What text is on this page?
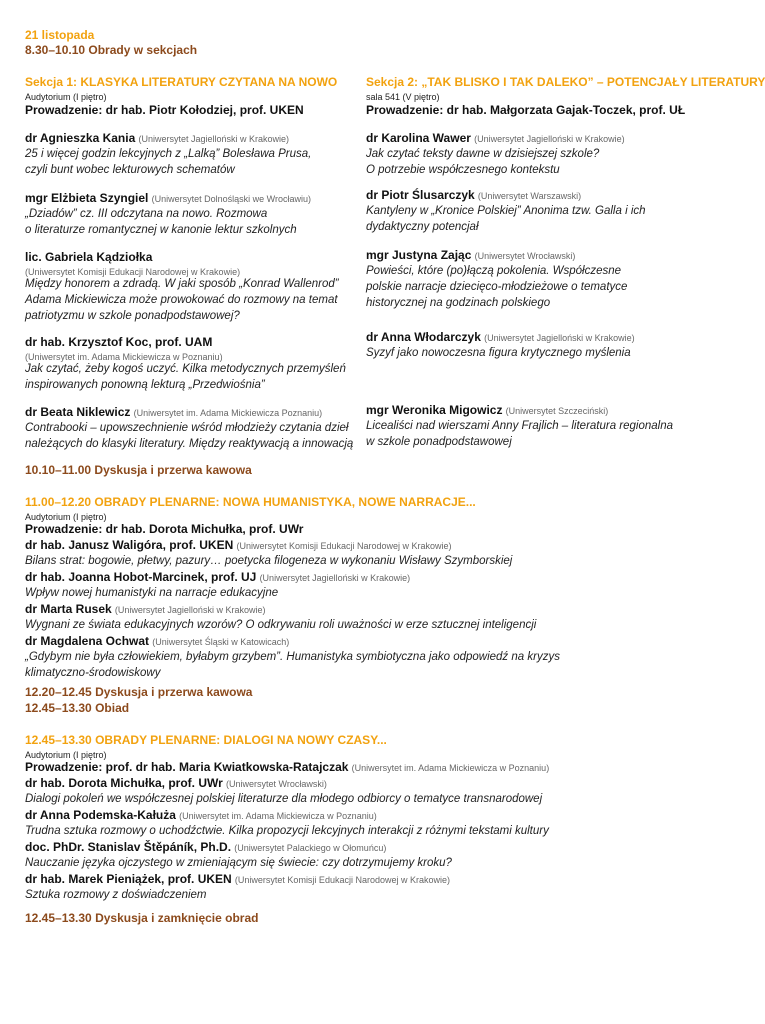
21 listopada
8.30–10.10 Obrady w sekcjach
Sekcja 1: KLASYKA LITERATURY CZYTANA NA NOWO
Audytorium (I piętro)
Prowadzenie: dr hab. Piotr Kołodziej, prof. UKEN
dr Agnieszka Kania (Uniwersytet Jagielloński w Krakowie)
25 i więcej godzin lekcyjnych z „Lalką” Bolesława Prusa,
czyli bunt wobec lekturowych schematów
mgr Elżbieta Szyngiel (Uniwersytet Dolnośląski we Wrocławiu)
„Dziadów” cz. III odczytana na nowo. Rozmowa
o literaturze romantycznej w kanonie lektur szkolnych
lic. Gabriela Kądziołka
(Uniwersytet Komisji Edukacji Narodowej w Krakowie)
Między honorem a zdradą. W jaki sposób „Konrad Wallenrod”
Adama Mickiewicza może prowokować do rozmowy na temat
patriotyzmu w szkole ponadpodstawowej?
dr hab. Krzysztof Koc, prof. UAM
(Uniwersytet im. Adama Mickiewicza w Poznaniu)
Jak czytać, żeby kogoś uczyć. Kilka metodycznych przemyśleń
inspirowanych ponowną lekturą „Przedwiośnia”
dr Beata Niklewicz (Uniwersytet im. Adama Mickiewicza Poznaniu)
Contrabooki – upowszechnienie wśród młodzieży czytania dzieł
należących do klasyki literatury. Między reaktywacją a innowacją
Sekcja 2: „TAK BLISKO I TAK DALEKO” – POTENCJAŁY LITERATURY
sala 541 (V piętro)
Prowadzenie: dr hab. Małgorzata Gajak-Toczek, prof. UŁ
dr Karolina Wawer (Uniwersytet Jagielloński w Krakowie)
Jak czytać teksty dawne w dzisiejszej szkole?
O potrzebie współczesnego kontekstu
dr Piotr Ślusarczyk (Uniwersytet Warszawski)
Kantyleny w „Kronice Polskiej” Anonima tzw. Galla i ich
dydaktyczny potencjał
mgr Justyna Zając (Uniwersytet Wrocławski)
Powieści, które (po)łączą pokolenia. Współczesne
polskie narracje dziecięco-młodzieżowe o tematyce
historycznej na godzinach polskiego
dr Anna Włodarczyk (Uniwersytet Jagielloński w Krakowie)
Syzyf jako nowoczesna figura krytycznego myślenia
mgr Weronika Migowicz (Uniwersytet Szczeciński)
Licealiści nad wierszami Anny Frajlich – literatura regionalna
w szkole ponadpodstawowej
10.10–11.00 Dyskusja i przerwa kawowa
11.00–12.20 OBRADY PLENARNE: NOWA HUMANISTYKA, NOWE NARRACJE...
Audytorium (I piętro)
Prowadzenie: dr hab. Dorota Michułka, prof. UWr
dr hab. Janusz Waligóra, prof. UKEN (Uniwersytet Komisji Edukacji Narodowej w Krakowie)
Bilans strat: bogowie, płetwy, pazury… poetycka filogeneza w wykonaniu Wisławy Szymborskiej
dr hab. Joanna Hobot-Marcinek, prof. UJ (Uniwersytet Jagielloński w Krakowie)
Wpływ nowej humanistyki na narracje edukacyjne
dr Marta Rusek (Uniwersytet Jagielloński w Krakowie)
Wygnani ze świata edukacyjnych wzorów? O odkrywaniu roli uważności w erze sztucznej inteligencji
dr Magdalena Ochwat (Uniwersytet Śląski w Katowicach)
„Gdybym nie była człowiekiem, byłabym grzybem”. Humanistyka symbiotyczna jako odpowiedź na kryzys
klimatyczno-środowiskowy
12.20–12.45 Dyskusja i przerwa kawowa
12.45–13.30 Obiad
12.45–13.30 OBRADY PLENARNE: DIALOGI NA NOWY CZASY...
Audytorium (I piętro)
Prowadzenie: prof. dr hab. Maria Kwiatkowska-Ratajczak (Uniwersytet im. Adama Mickiewicza w Poznaniu)
dr hab. Dorota Michułka, prof. UWr (Uniwersytet Wrocławski)
Dialogi pokoleń we współczesnej polskiej literaturze dla młodego odbiorcy o tematyce transnarodowej
dr Anna Podemska-Kałuża (Uniwersytet im. Adama Mickiewicza w Poznaniu)
Trudna sztuka rozmowy o uchodźctwie. Kilka propozycji lekcyjnych interakcji z różnymi tekstami kultury
doc. PhDr. Stanislav Štěpáník, Ph.D. (Uniwersytet Palackiego w Ołomuńcu)
Nauczanie języka ojczystego w zmieniającym się świecie: czy dotrzymujemy kroku?
dr hab. Marek Pieniążek, prof. UKEN (Uniwersytet Komisji Edukacji Narodowej w Krakowie)
Sztuka rozmowy z doświadczeniem
12.45–13.30 Dyskusja i zamknięcie obrad
